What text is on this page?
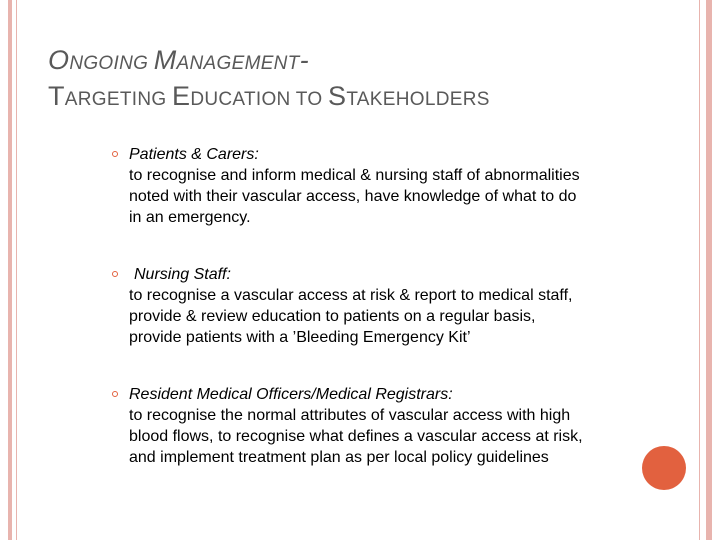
ONGOING MANAGEMENT-
TARGETING EDUCATION TO STAKEHOLDERS
Patients & Carers:
to recognise and inform medical & nursing staff of abnormalities noted with their vascular access, have knowledge of what to do in an emergency.
Nursing Staff:
to recognise a vascular access at risk & report to medical staff, provide & review education to patients on a regular basis, provide patients with a ’Bleeding Emergency Kit’
Resident Medical Officers/Medical Registrars:
to recognise the normal attributes of vascular access with high blood flows, to recognise what defines a vascular access at risk, and implement treatment plan as per local policy guidelines
